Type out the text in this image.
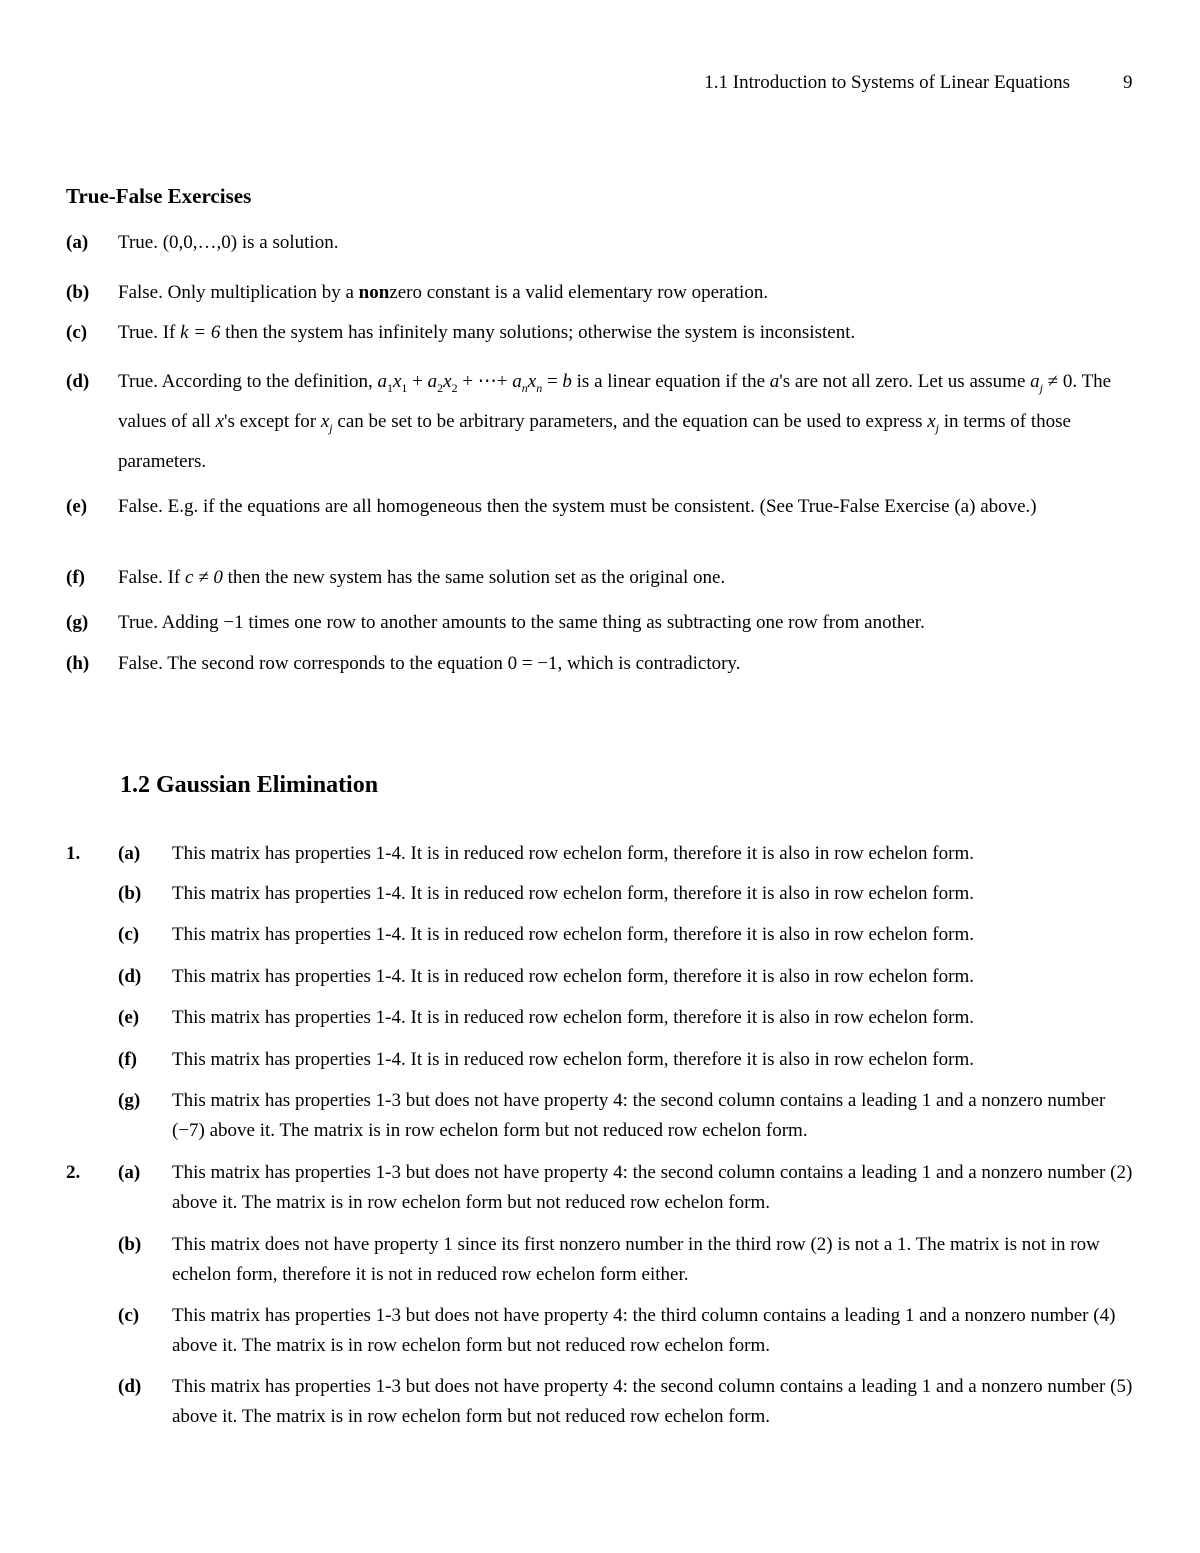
1.1 Introduction to Systems of Linear Equations	9
True-False Exercises
(a) True. (0,0,…,0) is a solution.
(b) False. Only multiplication by a nonzero constant is a valid elementary row operation.
(c) True. If k = 6 then the system has infinitely many solutions; otherwise the system is inconsistent.
(d) True. According to the definition, $a_1x_1 + a_2x_2$ + ⋯+ $a_nx_n = b$ is a linear equation if the a's are not all zero. Let us assume $a_j \ne 0$. The values of all x's except for $x_j$ can be set to be arbitrary parameters, and the equation can be used to express $x_j$ in terms of those parameters.
(e) False. E.g. if the equations are all homogeneous then the system must be consistent. (See True-False Exercise (a) above.)
(f) False. If c ≠ 0 then the new system has the same solution set as the original one.
(g) True. Adding −1 times one row to another amounts to the same thing as subtracting one row from another.
(h) False. The second row corresponds to the equation 0 = −1, which is contradictory.
1.2 Gaussian Elimination
1. (a) This matrix has properties 1-4. It is in reduced row echelon form, therefore it is also in row echelon form.
(b) This matrix has properties 1-4. It is in reduced row echelon form, therefore it is also in row echelon form.
(c) This matrix has properties 1-4. It is in reduced row echelon form, therefore it is also in row echelon form.
(d) This matrix has properties 1-4. It is in reduced row echelon form, therefore it is also in row echelon form.
(e) This matrix has properties 1-4. It is in reduced row echelon form, therefore it is also in row echelon form.
(f) This matrix has properties 1-4. It is in reduced row echelon form, therefore it is also in row echelon form.
(g) This matrix has properties 1-3 but does not have property 4: the second column contains a leading 1 and a nonzero number (−7) above it. The matrix is in row echelon form but not reduced row echelon form.
2. (a) This matrix has properties 1-3 but does not have property 4: the second column contains a leading 1 and a nonzero number (2) above it. The matrix is in row echelon form but not reduced row echelon form.
(b) This matrix does not have property 1 since its first nonzero number in the third row (2) is not a 1. The matrix is not in row echelon form, therefore it is not in reduced row echelon form either.
(c) This matrix has properties 1-3 but does not have property 4: the third column contains a leading 1 and a nonzero number (4) above it. The matrix is in row echelon form but not reduced row echelon form.
(d) This matrix has properties 1-3 but does not have property 4: the second column contains a leading 1 and a nonzero number (5) above it. The matrix is in row echelon form but not reduced row echelon form.
